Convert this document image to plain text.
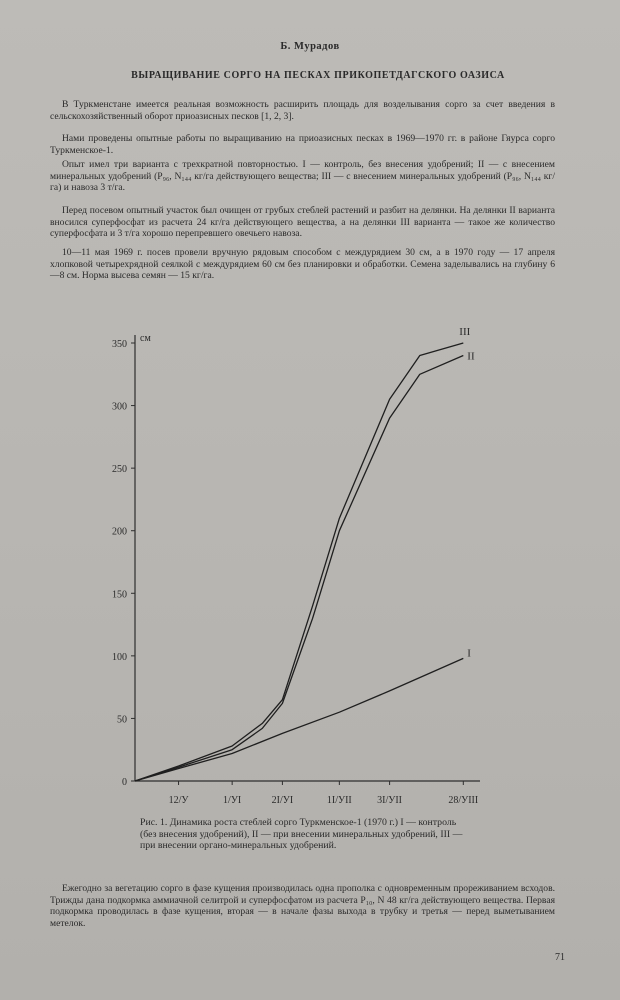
Б. Мурадов
ВЫРАЩИВАНИЕ СОРГО НА ПЕСКАХ ПРИКОПЕТДАГСКОГО ОАЗИСА

В Туркменстане имеется реальная возможность расширить площадь для возделывания сорго за счет введения в сельскохозяйственный оборот приоазисных песков [1, 2, 3].

Нами проведены опытные работы по выращиванию на приоазисных песках в 1969—1970 гг. в районе Гяурса сорго Туркменское-1.

Опыт имел три варианта с трехкратной повторностью. I — контроль, без внесения удобрений; II — с внесением минеральных удобрений (P₉₆, N₁₄₄ кг/га действующего вещества; III — с внесением минеральных удобрений (P₉₆, N₁₄₄ кг/га) и навоза 3 т/га.

Перед посевом опытный участок был очищен от грубых стеблей растений и разбит на делянки. На делянки II варианта вносился суперфосфат из расчета 24 кг/га действующего вещества, а на делянки III варианта — такое же количество суперфосфата и 3 т/га хорошо перепревшего овечьего навоза.

10—11 мая 1969 г. посев провели вручную рядовым способом с междурядием 30 см, а в 1970 году — 17 апреля хлопковой четырехрядной сеялкой с междурядием 60 см без планировки и обработки. Семена заделывались на глубину 6—8 см. Норма высева семян — 15 кг/га.

0
50
100
150
200
250
300
350
см
12/У	1/УI	2I/УI	1I/УII	3I/УII	28/УIII
I
II
III

Рис. 1. Динамика роста стеблей сорго Туркменское-1 (1970 г.) I — контроль (без внесения удобрений), II — при внесении минеральных удобрений, III — при внесении органо-минеральных удобрений.

Ежегодно за вегетацию сорго в фазе кущения производилась одна прополка с одновременным прореживанием всходов. Трижды дана подкормка аммиачной селитрой и суперфосфатом из расчета P₁₀, N 48 кг/га действующего вещества. Первая подкормка проводилась в фазе кущения, вторая — в начале фазы выхода в трубку и третья — перед выметыванием метелок.

71
